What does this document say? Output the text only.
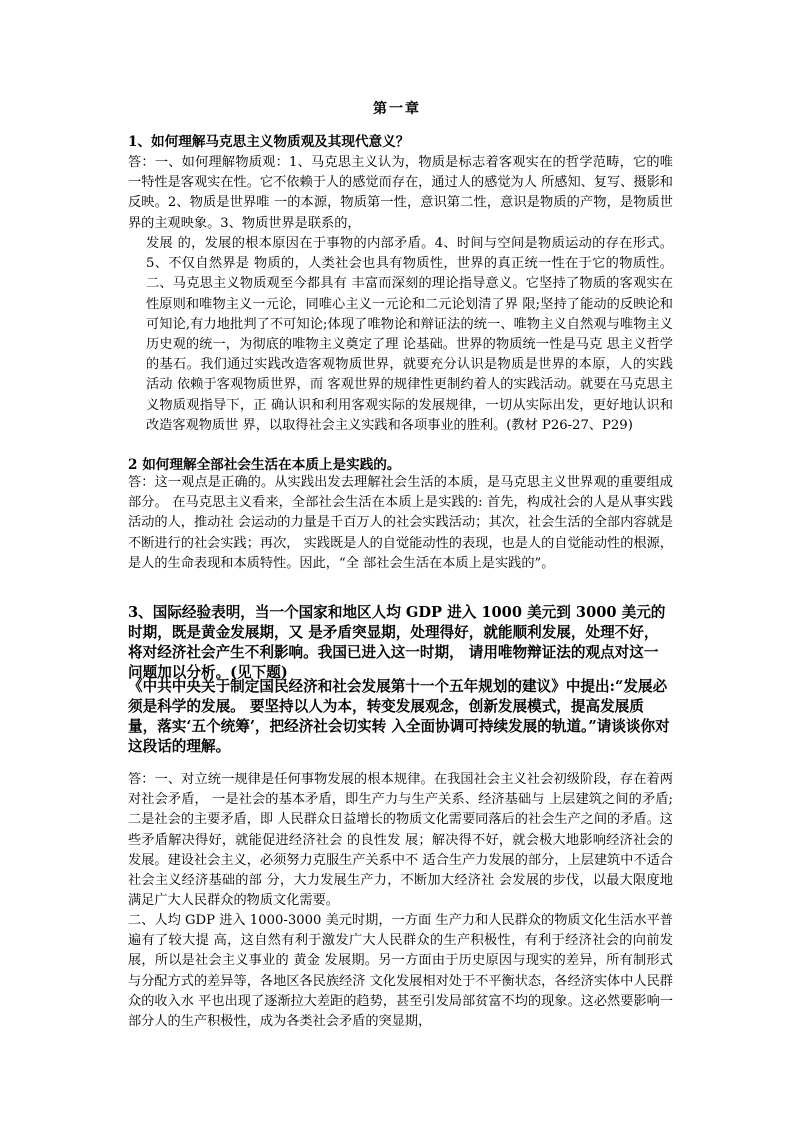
第一章
1、如何理解马克思主义物质观及其现代意义？

答：一、如何理解物质观：1、马克思主义认为，物质是标志着客观实在的哲学范畴，它的唯一特性是客观实在性。它不依赖于人的感觉而存在，通过人的感觉为人 所感知、复写、摄影和反映。2、物质是世界唯 一的本源，物质第一性，意识第二性，意识是物质的产物，是物质世界的主观映象。3、物质世界是联系的，

发展 的，发展的根本原因在于事物的内部矛盾。4、时间与空间是物质运动的存在形式。5、不仅自然界是 物质的，人类社会也具有物质性，世界的真正统一性在于它的物质性。二、马克思主义物质观至今都具有 丰富而深刻的理论指导意义。它坚持了物质的客观实在性原则和唯物主义一元论，同唯心主义一元论和二元论划清了界 限;坚持了能动的反映论和可知论,有力地批判了不可知论;体现了唯物论和辩证法的统一、唯物主义自然观与唯物主义历史观的统一，为彻底的唯物主义奠定了理 论基础。世界的物质统一性是马克 思主义哲学的基石。我们通过实践改造客观物质世界，就要充分认识是物质是世界的本原，人的实践活动 依赖于客观物质世界，而 客观世界的规律性更制约着人的实践活动。就要在马克思主义物质观指导下，正 确认识和利用客观实际的发展规律，一切从实际出发，更好地认识和改造客观物质世 界，以取得社会主义实践和各项事业的胜利。(教材 P26-27、P29)

2 如何理解全部社会生活在本质上是实践的。

答：这一观点是正确的。从实践出发去理解社会生活的本质，是马克思主义世界观的重要组成部分。 在马克思主义看来，全部社会生活在本质上是实践的: 首先，构成社会的人是从事实践活动的人，推动社 会运动的力量是千百万人的社会实践活动；其次，社会生活的全部内容就是不断进行的社会实践；再次， 实践既是人的自觉能动性的表现，也是人的自觉能动性的根源，是人的生命表现和本质特性。因此，“全 部社会生活在本质上是实践的”。

3、国际经验表明，当一个国家和地区人均 GDP 进入 1000 美元到 3000 美元的时期，既是黄金发展期，又 是矛盾突显期，处理得好，就能顺利发展，处理不好，将对经济社会产生不利影响。我国已进入这一时期， 请用唯物辩证法的观点对这一问题加以分析。(见下题)
《中共中央关于制定国民经济和社会发展第十一个五年规划的建议》中提出:“发展必须是科学的发展。 要坚持以人为本，转变发展观念，创新发展模式，提高发展质量，落实‘五个统筹’，把经济社会切实转 入全面协调可持续发展的轨道。”请谈谈你对这段话的理解。

答：一、对立统一规律是任何事物发展的根本规律。在我国社会主义社会初级阶段，存在着两对社会矛盾， 一是社会的基本矛盾，即生产力与生产关系、经济基础与 上层建筑之间的矛盾;二是社会的主要矛盾，即 人民群众日益增长的物质文化需要同落后的社会生产之间的矛盾。这些矛盾解决得好，就能促进经济社会 的良性发 展；解决得不好，就会极大地影响经济社会的发展。建设社会主义，必须努力克服生产关系中不 适合生产力发展的部分，上层建筑中不适合社会主义经济基础的部 分，大力发展生产力，不断加大经济社 会发展的步伐，以最大限度地满足广大人民群众的物质文化需要。

二、人均 GDP 进入 1000-3000 美元时期，一方面 生产力和人民群众的物质文化生活水平普遍有了较大提 高，这自然有利于激发广大人民群众的生产积极性，有利于经济社会的向前发展，所以是社会主义事业的 黄金 发展期。另一方面由于历史原因与现实的差异，所有制形式与分配方式的差异等，各地区各民族经济 文化发展相对处于不平衡状态，各经济实体中人民群众的收入水 平也出现了逐渐拉大差距的趋势，甚至引发局部贫富不均的现象。这必然要影响一部分人的生产积极性，成为各类社会矛盾的突显期，
